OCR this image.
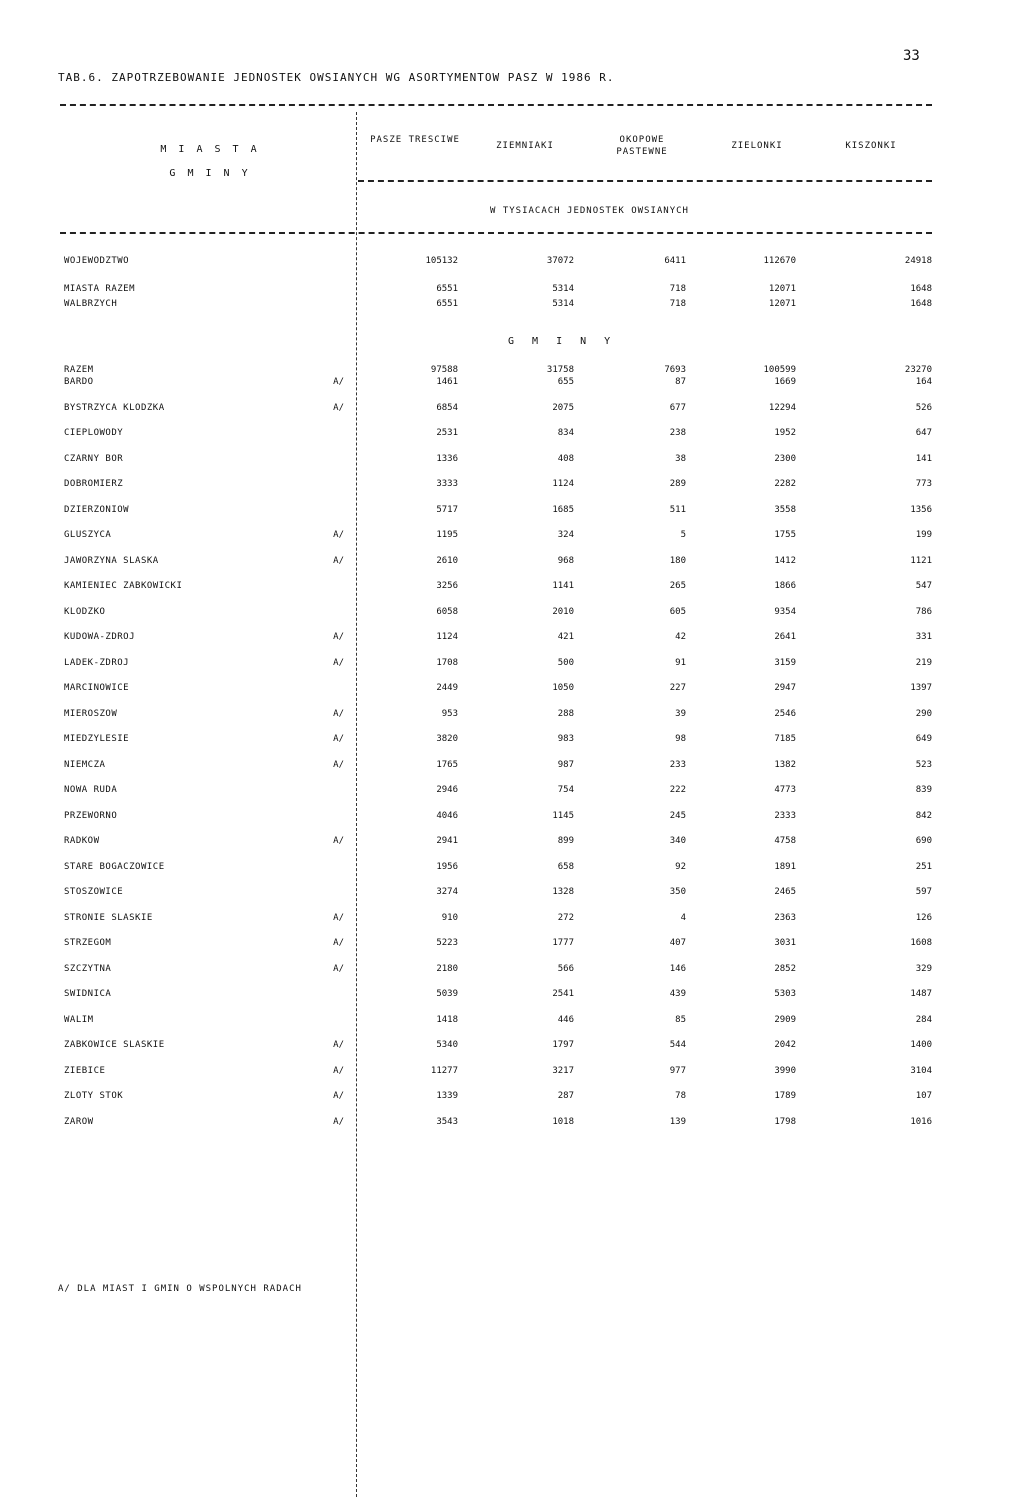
33
TAB.6. ZAPOTRZEBOWANIE JEDNOSTEK OWSIANYCH WG ASORTYMENTOW PASZ W 1986 R.
M I A S T A
G M I N Y
PASZE TRESCIWE
ZIEMNIAKI
OKOPOWE PASTEWNE
ZIELONKI	KISZONKI
W TYSIACACH JEDNOSTEK OWSIANYCH
WOJEWODZTWO	105132	37072	6411	112670	24918
MIASTA RAZEM	6551	5314	718	12071	1648
WALBRZYCH	6551	5314	718	12071	1648
G M I N Y
RAZEM	97588	31758	7693	100599	23270
BARDO	A/	1461	655	87	1669	164
BYSTRZYCA KLODZKA	A/	6854	2075	677	12294	526
CIEPLOWODY	2531	834	238	1952	647
CZARNY BOR	1336	408	38	2300	141
DOBROMIERZ	3333	1124	289	2282	773
DZIERZONIOW	5717	1685	511	3558	1356
GLUSZYCA	A/	1195	324	5	1755	199
JAWORZYNA SLASKA	A/	2610	968	180	1412	1121
KAMIENIEC ZABKOWICKI	3256	1141	265	1866	547
KLODZKO	6058	2010	605	9354	786
KUDOWA-ZDROJ	A/	1124	421	42	2641	331
LADEK-ZDROJ	A/	1708	500	91	3159	219
MARCINOWICE	2449	1050	227	2947	1397
MIEROSZOW	A/	953	288	39	2546	290
MIEDZYLESIE	A/	3820	983	98	7185	649
NIEMCZA	A/	1765	987	233	1382	523
NOWA RUDA	2946	754	222	4773	839
PRZEWORNO	4046	1145	245	2333	842
RADKOW	A/	2941	899	340	4758	690
STARE BOGACZOWICE	1956	658	92	1891	251
STOSZOWICE	3274	1328	350	2465	597
STRONIE SLASKIE	A/	910	272	4	2363	126
STRZEGOM	A/	5223	1777	407	3031	1608
SZCZYTNA	A/	2180	566	146	2852	329
SWIDNICA	5039	2541	439	5303	1487
WALIM	1418	446	85	2909	284
ZABKOWICE SLASKIE	A/	5340	1797	544	2042	1400
ZIEBICE	A/	11277	3217	977	3990	3104
ZLOTY STOK	A/	1339	287	78	1789	107
ZAROW	A/	3543	1018	139	1798	1016
A/ DLA MIAST I GMIN O WSPOLNYCH RADACH
